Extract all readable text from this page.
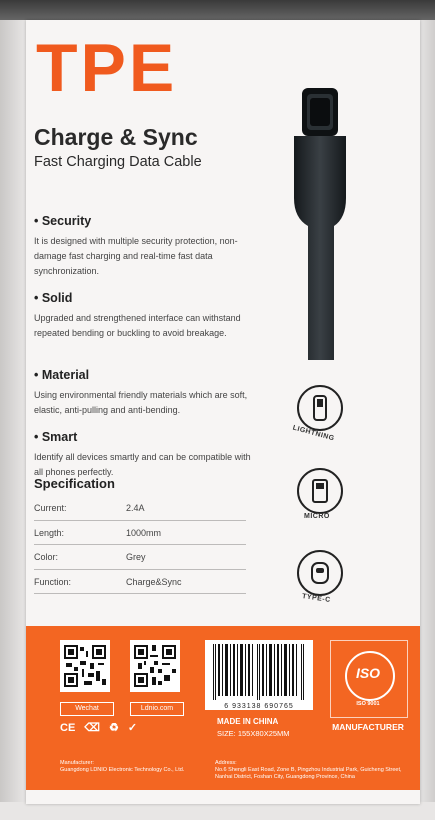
TPE
Charge & Sync
Fast Charging Data Cable
• Security

It is designed with multiple security protection, non-damage fast charging and real-time fast data synchronization.

• Solid

Upgraded and strengthened interface can withstand repeated bending or buckling to avoid breakage.

• Material

Using environmental friendly materials which are soft, elastic, anti-pulling and anti-bending.

• Smart

Identify all devices smartly and can be compatible with all phones perfectly.

Specification
Current:	2.4A
Length:	1000mm
Color:	Grey
Function:	Charge&Sync
LIGHTNING
MICRO
TYPE-C
Wechat	Ldnio.com	6 933138 690765
MADE IN CHINA
SIZE: 155X80X25MM
ISO
ISO 9001
MANUFACTURER
CE ⌫ ♻ ✓
Manufacturer:
Guangdong LDNIO Electronic Technology Co., Ltd.
Address:
No.6 Shengli East Road, Zone B, Pingzhou Industrial Park, Guicheng Street, Nanhai District, Foshan City, Guangdong Province, China
